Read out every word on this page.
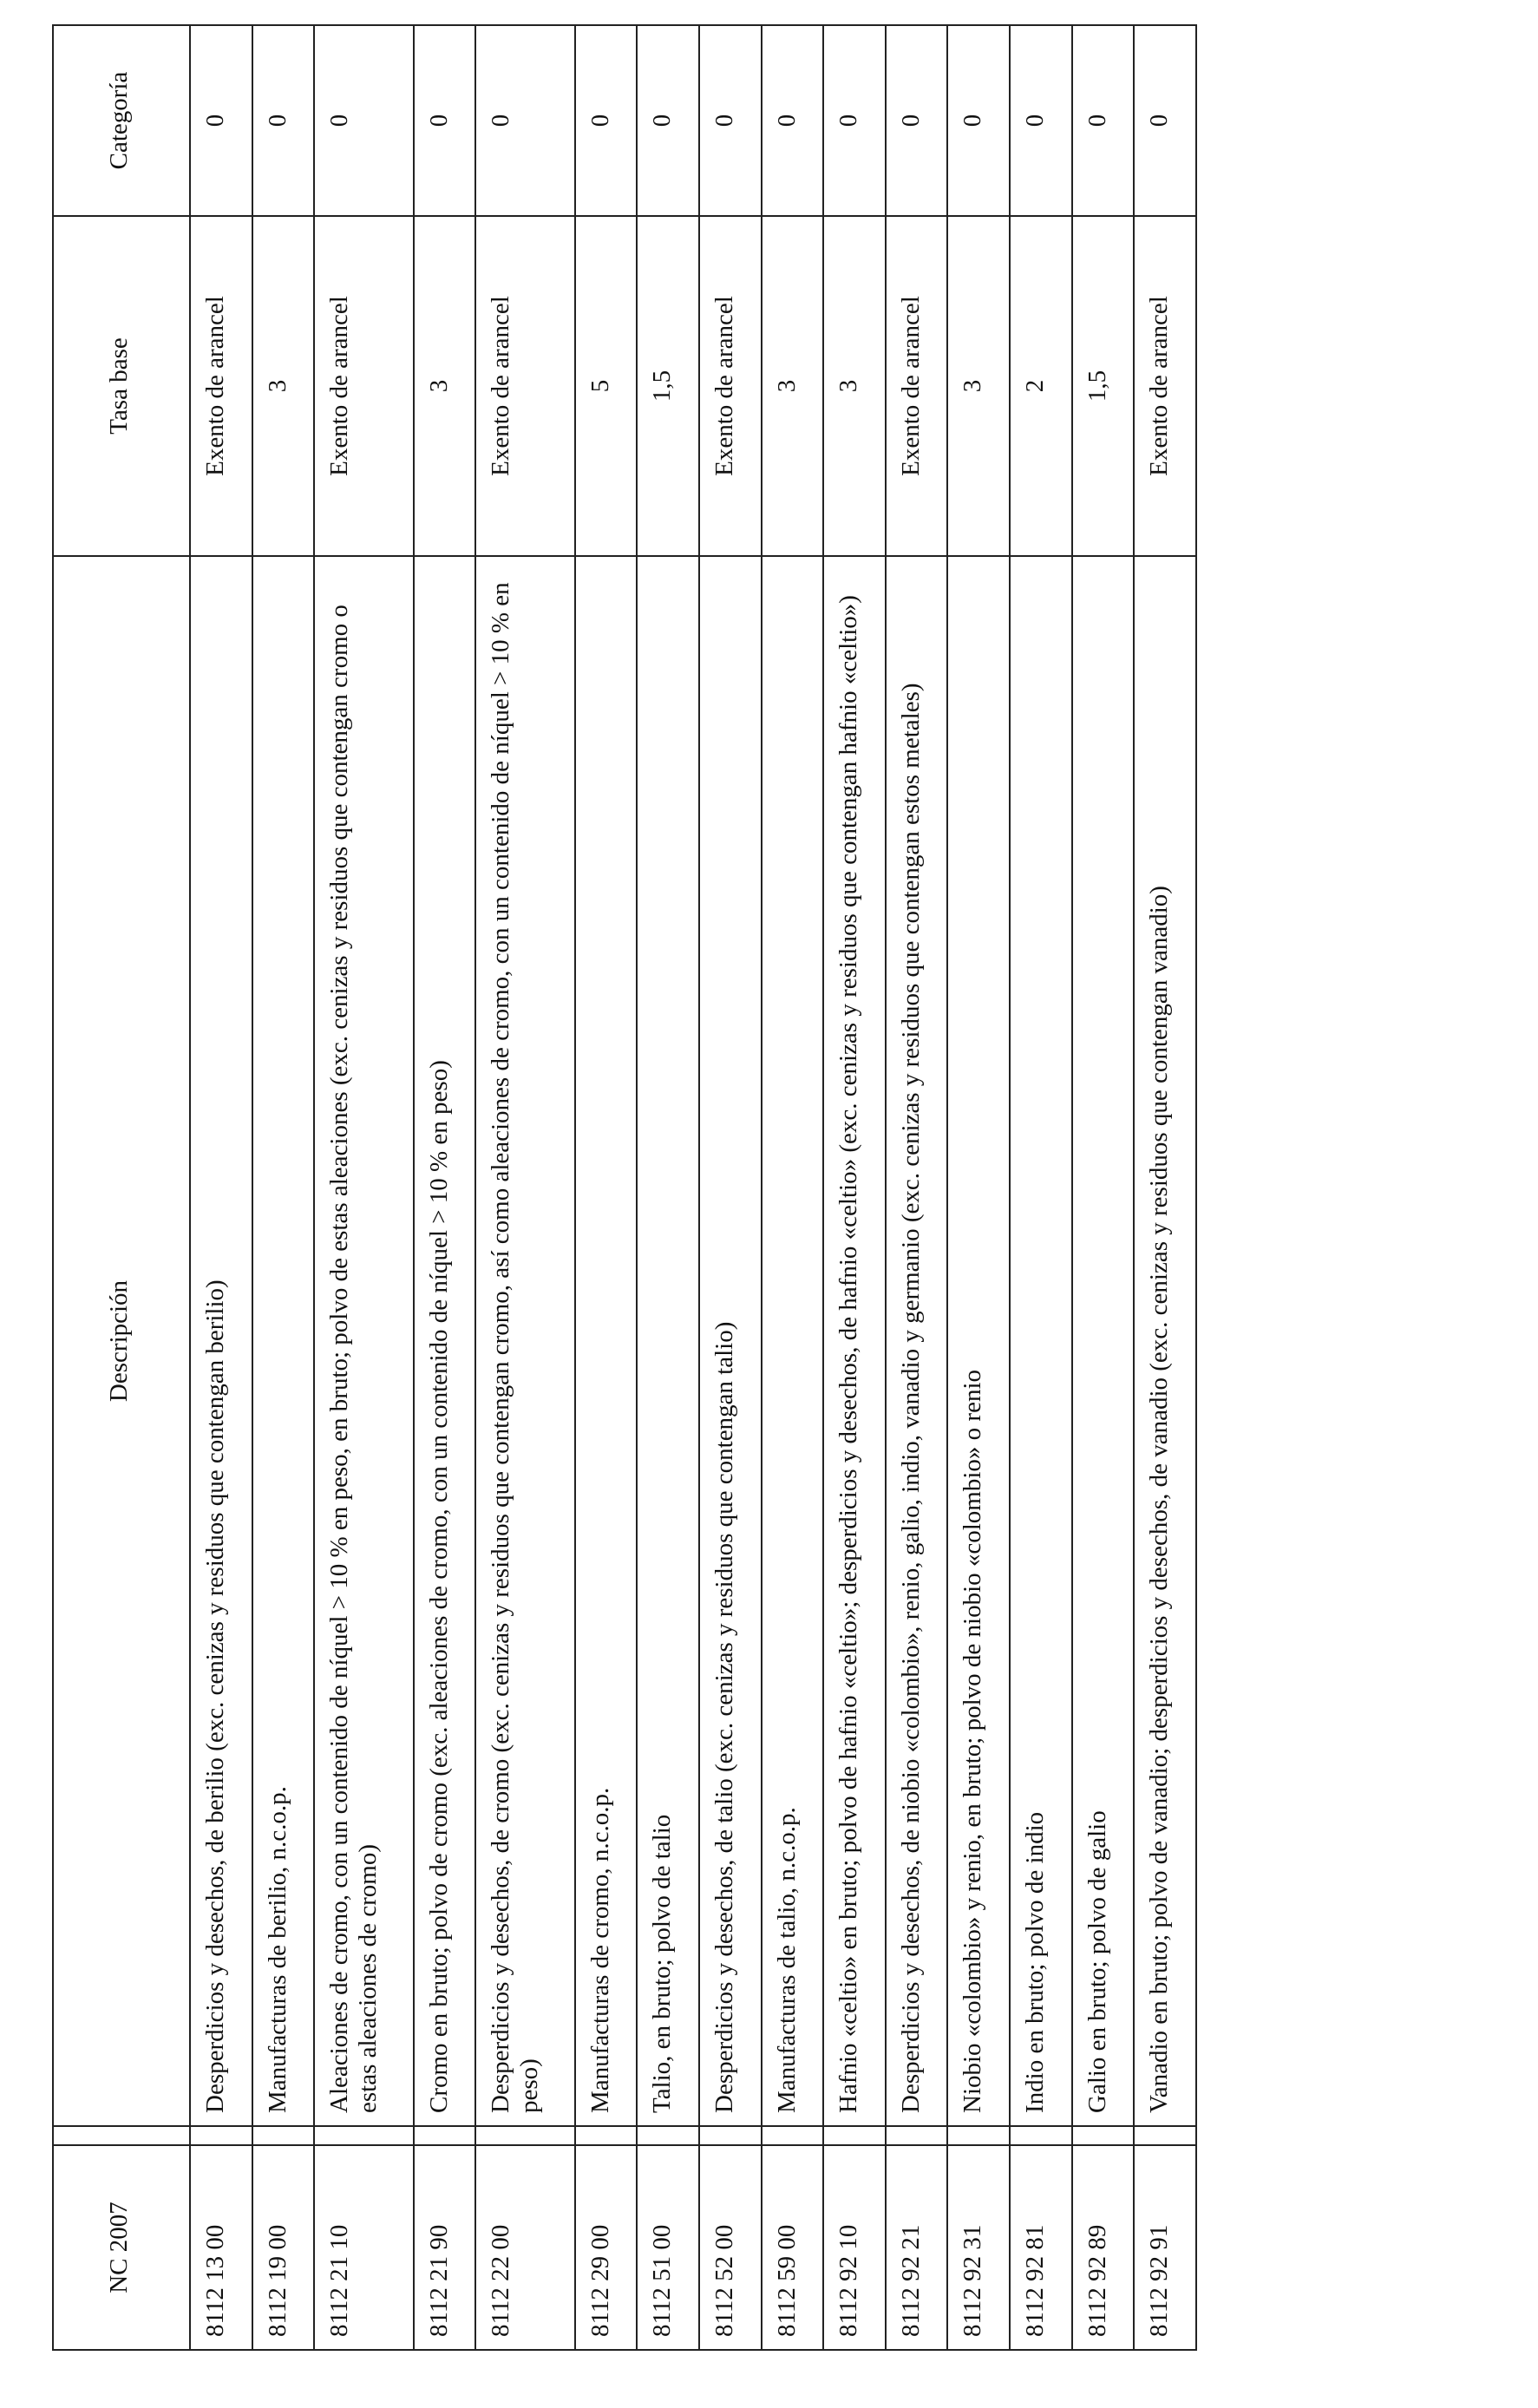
NC 2007		Descripción	Tasa base	Categoría
8112 13 00		Desperdicios y desechos, de berilio (exc. cenizas y residuos que contengan berilio)	Exento de arancel	0
8112 19 00		Manufacturas de berilio, n.c.o.p.	3	0
8112 21 10		Aleaciones de cromo, con un contenido de níquel > 10 % en peso, en bruto; polvo de estas aleaciones (exc. cenizas y residuos que contengan cromo o estas aleaciones de cromo)	Exento de arancel	0
8112 21 90		Cromo en bruto; polvo de cromo (exc. aleaciones de cromo, con un contenido de níquel > 10 % en peso)	3	0
8112 22 00		Desperdicios y desechos, de cromo (exc. cenizas y residuos que contengan cromo, así como aleaciones de cromo, con un contenido de níquel > 10 % en peso)	Exento de arancel	0
8112 29 00		Manufacturas de cromo, n.c.o.p.	5	0
8112 51 00		Talio, en bruto; polvo de talio	1,5	0
8112 52 00		Desperdicios y desechos, de talio (exc. cenizas y residuos que contengan talio)	Exento de arancel	0
8112 59 00		Manufacturas de talio, n.c.o.p.	3	0
8112 92 10		Hafnio «celtio» en bruto; polvo de hafnio «celtio»; desperdicios y desechos, de hafnio «celtio» (exc. cenizas y residuos que contengan hafnio «celtio»)	3	0
8112 92 21		Desperdicios y desechos, de niobio «colombio», renio, galio, indio, vanadio y germanio (exc. cenizas y residuos que contengan estos metales)	Exento de arancel	0
8112 92 31		Niobio «colombio» y renio, en bruto; polvo de niobio «colombio» o renio	3	0
8112 92 81		Indio en bruto; polvo de indio	2	0
8112 92 89		Galio en bruto; polvo de galio	1,5	0
8112 92 91		Vanadio en bruto; polvo de vanadio; desperdicios y desechos, de vanadio (exc. cenizas y residuos que contengan vanadio)	Exento de arancel	0
